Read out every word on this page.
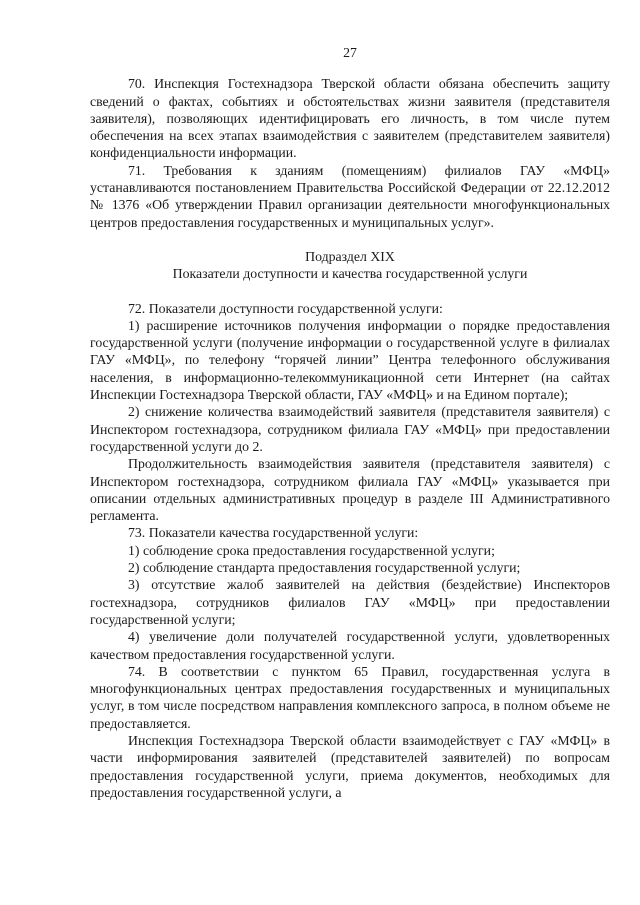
27

70. Инспекция Гостехнадзора Тверской области обязана обеспечить защиту сведений о фактах, событиях и обстоятельствах жизни заявителя (представителя заявителя), позволяющих идентифицировать его личность, в том числе путем обеспечения на всех этапах взаимодействия с заявителем (представителем заявителя) конфиденциальности информации.

71. Требования к зданиям (помещениям) филиалов ГАУ «МФЦ» устанавливаются постановлением Правительства Российской Федерации от 22.12.2012 № 1376 «Об утверждении Правил организации деятельности многофункциональных центров предоставления государственных и муниципальных услуг».

Подраздел XIX

Показатели доступности и качества государственной услуги

72. Показатели доступности государственной услуги:

1) расширение источников получения информации о порядке предоставления государственной услуги (получение информации о государственной услуге в филиалах ГАУ «МФЦ», по телефону “горячей линии” Центра телефонного обслуживания населения, в информационно-телекоммуникационной сети Интернет (на сайтах Инспекции Гостехнадзора Тверской области, ГАУ «МФЦ» и на Едином портале);

2) снижение количества взаимодействий заявителя (представителя заявителя) с Инспектором гостехнадзора, сотрудником филиала ГАУ «МФЦ» при предоставлении государственной услуги до 2.

Продолжительность взаимодействия заявителя (представителя заявителя) с Инспектором гостехнадзора, сотрудником филиала ГАУ «МФЦ» указывается при описании отдельных административных процедур в разделе III Административного регламента.

73. Показатели качества государственной услуги:

1) соблюдение срока предоставления государственной услуги;

2) соблюдение стандарта предоставления государственной услуги;

3) отсутствие жалоб заявителей на действия (бездействие) Инспекторов гостехнадзора, сотрудников филиалов ГАУ «МФЦ» при предоставлении государственной услуги;

4) увеличение доли получателей государственной услуги, удовлетворенных качеством предоставления государственной услуги.

74. В соответствии с пунктом 65 Правил, государственная услуга в многофункциональных центрах предоставления государственных и муниципальных услуг, в том числе посредством направления комплексного запроса, в полном объеме не предоставляется.

Инспекция Гостехнадзора Тверской области взаимодействует с ГАУ «МФЦ» в части информирования заявителей (представителей заявителей) по вопросам предоставления государственной услуги, приема документов, необходимых для предоставления государственной услуги, а
